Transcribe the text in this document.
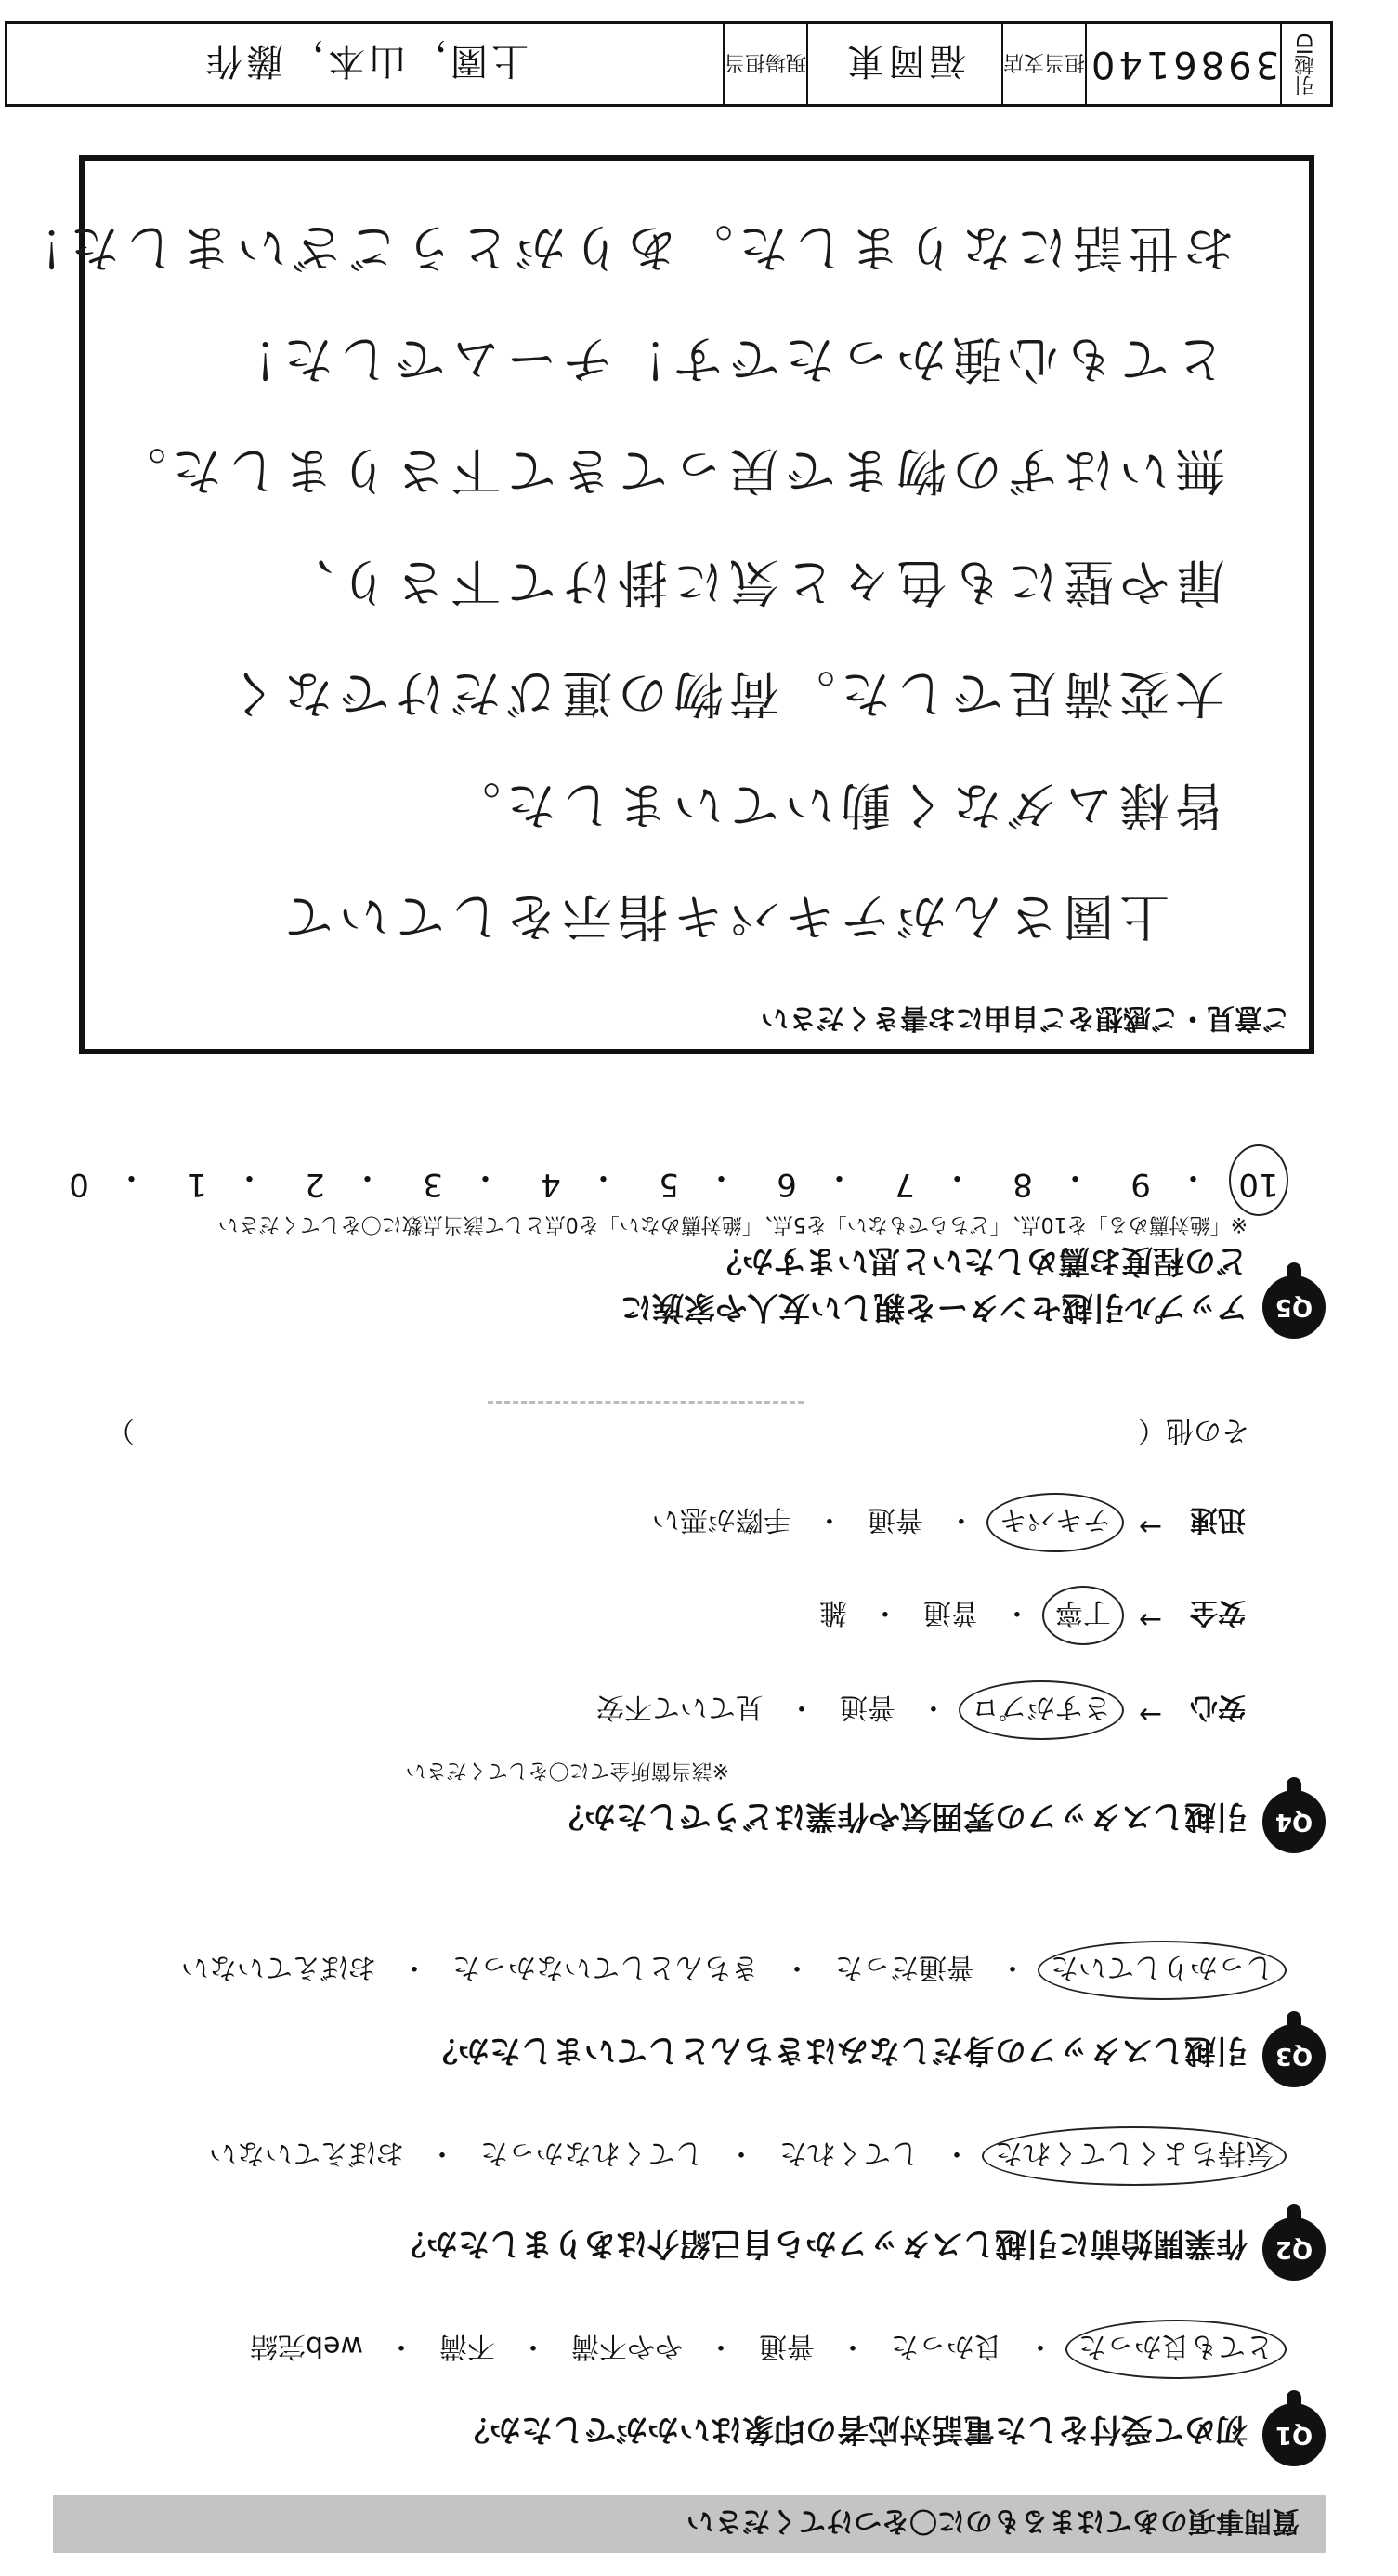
質問事項のあてはまるものに〇をつけてください
Q1
初めて受付をした電話対応者の印象はいかがでしたか？
とても良かった
・
良かった
・
普通
・
やや不満
・
不満
・
web完結
Q2
作業開始前に引越しスタッフから自己紹介はありましたか？
気持ちよくしてくれた
・
してくれた
・
してくれなかった
・
おぼえていない
Q3
引越しスタッフの身だしなみはきちんとしていましたか？
しっかりしていた
・
普通だった
・
きちんとしていなかった
・
おぼえていない
Q4
引越しスタッフの雰囲気や作業はどうでしたか？
※該当箇所全てに〇をしてください
安心
→
さすがプロ
・
普通
・
見ていて不安
安全
→
丁寧
・
普通
・
雑
迅速
→
テキパキ
・
普通
・
手際が悪い
その他（
）
Q5
アップル引越センターを親しい友人や家族に
どの程度お薦めしたいと思いますか？
※「絶対薦める」を10点、「どちらでもない」を5点、「絶対薦めない」を0点として該当点数に〇をしてください
10
・
9
・
8
・
7
・
6
・
5
・
4
・
3
・
2
・
1
・
0
ご意見・ご感想をご自由にお書きください
上園さんがテキパキ指示をしていて
皆様ムダなく動いていました。
大変満足でした。荷物の運びだけでなく
扉や壁にも色々と気に掛けて下さり、
無いはずの物まで戻ってきて下さりました。
とても心強かったです！チームでした！
お世話になりました。ありがとうございました！
引越ID
3986140
担当支店
福岡東
現場担当
上園，山本，藤作
